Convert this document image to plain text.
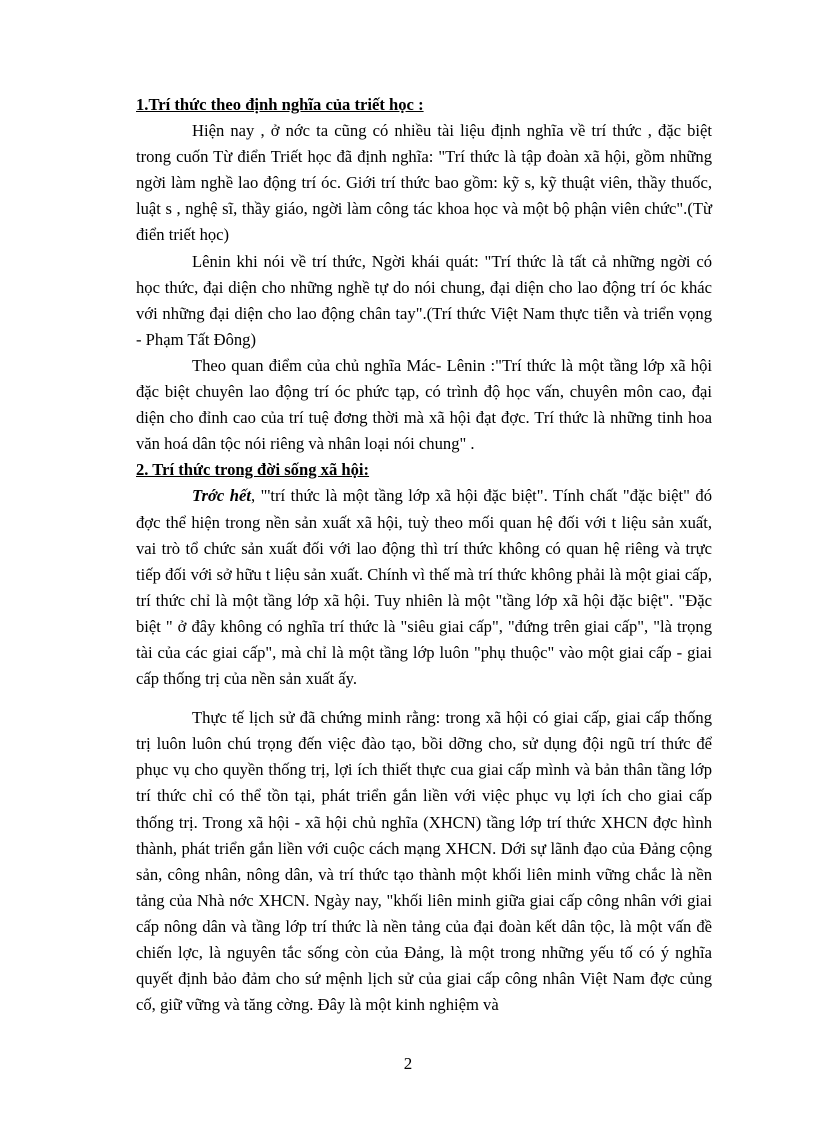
1.Trí thức theo định nghĩa của triết học :

Hiện nay , ở nớc ta cũng có nhiều tài liệu định nghĩa về trí thức , đặc biệt trong cuốn Từ điển Triết học đã định nghĩa: "Trí thức là tập đoàn xã hội, gồm những ngời làm nghề lao động trí óc. Giới trí thức bao gồm: kỹ s, kỹ thuật viên, thầy thuốc, luật s , nghệ sĩ, thầy giáo, ngời làm công tác khoa học và một bộ phận viên chức".(Từ điển triết học)

Lênin khi nói về trí thức, Ngời khái quát: "Trí thức là tất cả những ngời có học thức, đại diện cho những nghề tự do nói chung, đại diện cho lao động trí óc khác với những đại diện cho lao động chân tay".(Trí thức Việt Nam thực tiễn và triển vọng - Phạm Tất Đông)

Theo quan điểm của chủ nghĩa Mác- Lênin :"Trí thức là một tầng lớp xã hội đặc biệt chuyên lao động trí óc phức tạp, có trình độ học vấn, chuyên môn cao, đại diện cho đỉnh cao của trí tuệ đơng thời mà xã hội đạt đợc. Trí thức là những tinh hoa văn hoá dân tộc nói riêng và nhân loại nói chung" .

2. Trí thức trong đời sống xã hội:

Trớc hết, "'trí thức là một tầng lớp xã hội đặc biệt". Tính chất "đặc biệt" đó đợc thể hiện trong nền sản xuất xã hội, tuỳ theo mối quan hệ đối với t liệu sản xuất, vai trò tổ chức sản xuất đối với lao động thì trí thức không có quan hệ riêng và trực tiếp đối với sở hữu t liệu sản xuất. Chính vì thế mà trí thức không phải là một giai cấp, trí thức chỉ là một tầng lớp xã hội. Tuy nhiên là một "tầng lớp xã hội đặc biệt". "Đặc biệt " ở đây không có nghĩa trí thức là "siêu giai cấp", "đứng trên giai cấp", "là trọng tài của các giai cấp", mà chỉ là một tầng lớp luôn "phụ thuộc" vào một giai cấp - giai cấp thống trị của nền sản xuất ấy.

Thực tế lịch sử đã chứng minh rằng: trong xã hội có giai cấp, giai cấp thống trị luôn luôn chú trọng đến việc đào tạo, bồi dỡng cho, sử dụng đội ngũ trí thức để phục vụ cho quyền thống trị, lợi ích thiết thực cua giai cấp mình và bản thân tầng lớp trí thức chỉ có thể tồn tại, phát triển gắn liền với việc phục vụ lợi ích cho giai cấp thống trị. Trong xã hội - xã hội chủ nghĩa (XHCN) tầng lớp trí thức XHCN đợc hình thành, phát triển gắn liền với cuộc cách mạng XHCN. Dới sự lãnh đạo của Đảng cộng sản, công nhân, nông dân, và trí thức tạo thành một khối liên minh vững chắc là nền tảng của Nhà nớc XHCN. Ngày nay, "khối liên minh giữa giai cấp công nhân với giai cấp nông dân và tầng lớp trí thức là nền tảng của đại đoàn kết dân tộc, là một vấn đề chiến lợc, là nguyên tắc sống còn của Đảng, là một trong những yếu tố có ý nghĩa quyết định bảo đảm cho sứ mệnh lịch sử của giai cấp công nhân Việt Nam đợc củng cố, giữ vững và tăng cờng. Đây là một kinh nghiệm và

2
